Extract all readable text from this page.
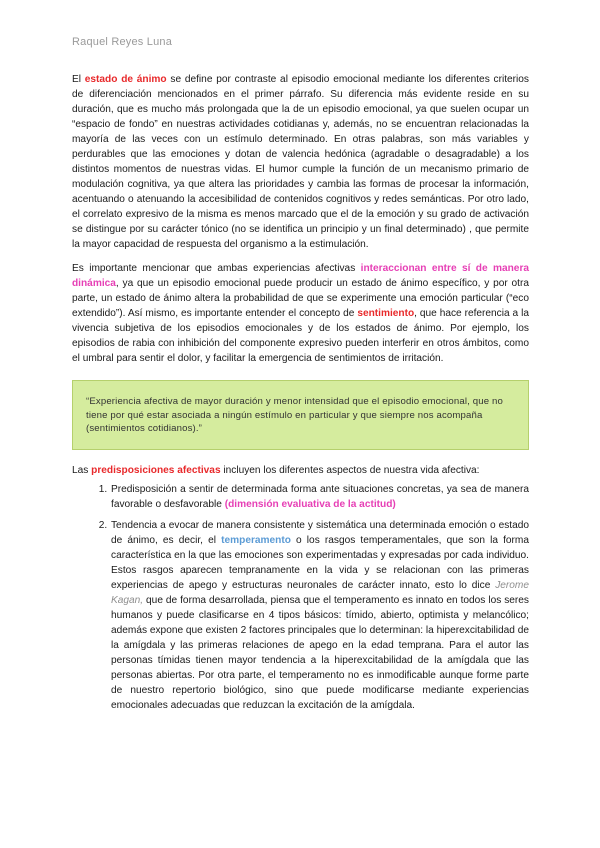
Raquel Reyes Luna

El estado de ánimo se define por contraste al episodio emocional mediante los diferentes criterios de diferenciación mencionados en el primer párrafo. Su diferencia más evidente reside en su duración, que es mucho más prolongada que la de un episodio emocional, ya que suelen ocupar un “espacio de fondo” en nuestras actividades cotidianas y, además, no se encuentran relacionadas la mayoría de las veces con un estímulo determinado. En otras palabras, son más variables y perdurables que las emociones y dotan de valencia hedónica (agradable o desagradable) a los distintos momentos de nuestras vidas. El humor cumple la función de un mecanismo primario de modulación cognitiva, ya que altera las prioridades y cambia las formas de procesar la información, acentuando o atenuando la accesibilidad de contenidos cognitivos y redes semánticas. Por otro lado, el correlato expresivo de la misma es menos marcado que el de la emoción y su grado de activación se distingue por su carácter tónico (no se identifica un principio y un final determinado) , que permite la mayor capacidad de respuesta del organismo a la estimulación.

Es importante mencionar que ambas experiencias afectivas interaccionan entre sí de manera dinámica, ya que un episodio emocional puede producir un estado de ánimo específico, y por otra parte, un estado de ánimo altera la probabilidad de que se experimente una emoción particular (“eco extendido”). Así mismo, es importante entender el concepto de sentimiento, que hace referencia a la vivencia subjetiva de los episodios emocionales y de los estados de ánimo. Por ejemplo, los episodios de rabia con inhibición del componente expresivo pueden interferir en otros ámbitos, como el umbral para sentir el dolor, y facilitar la emergencia de sentimientos de irritación.

“Experiencia afectiva de mayor duración y menor intensidad que el episodio emocional, que no tiene por qué estar asociada a ningún estímulo en particular y que siempre nos acompaña (sentimientos cotidianos).”

Las predisposiciones afectivas incluyen los diferentes aspectos de nuestra vida afectiva:

1. Predisposición a sentir de determinada forma ante situaciones concretas, ya sea de manera favorable o desfavorable (dimensión evaluativa de la actitud)
2. Tendencia a evocar de manera consistente y sistemática una determinada emoción o estado de ánimo, es decir, el temperamento o los rasgos temperamentales, que son la forma característica en la que las emociones son experimentadas y expresadas por cada individuo. Estos rasgos aparecen tempranamente en la vida y se relacionan con las primeras experiencias de apego y estructuras neuronales de carácter innato, esto lo dice Jerome Kagan, que de forma desarrollada, piensa que el temperamento es innato en todos los seres humanos y puede clasificarse en 4 tipos básicos: tímido, abierto, optimista y melancólico; además expone que existen 2 factores principales que lo determinan: la hiperexcitabilidad de la amígdala y las primeras relaciones de apego en la edad temprana. Para el autor las personas tímidas tienen mayor tendencia a la hiperexcitabilidad de la amígdala que las personas abiertas. Por otra parte, el temperamento no es inmodificable aunque forme parte de nuestro repertorio biológico, sino que puede modificarse mediante experiencias emocionales adecuadas que reduzcan la excitación de la amígdala.
